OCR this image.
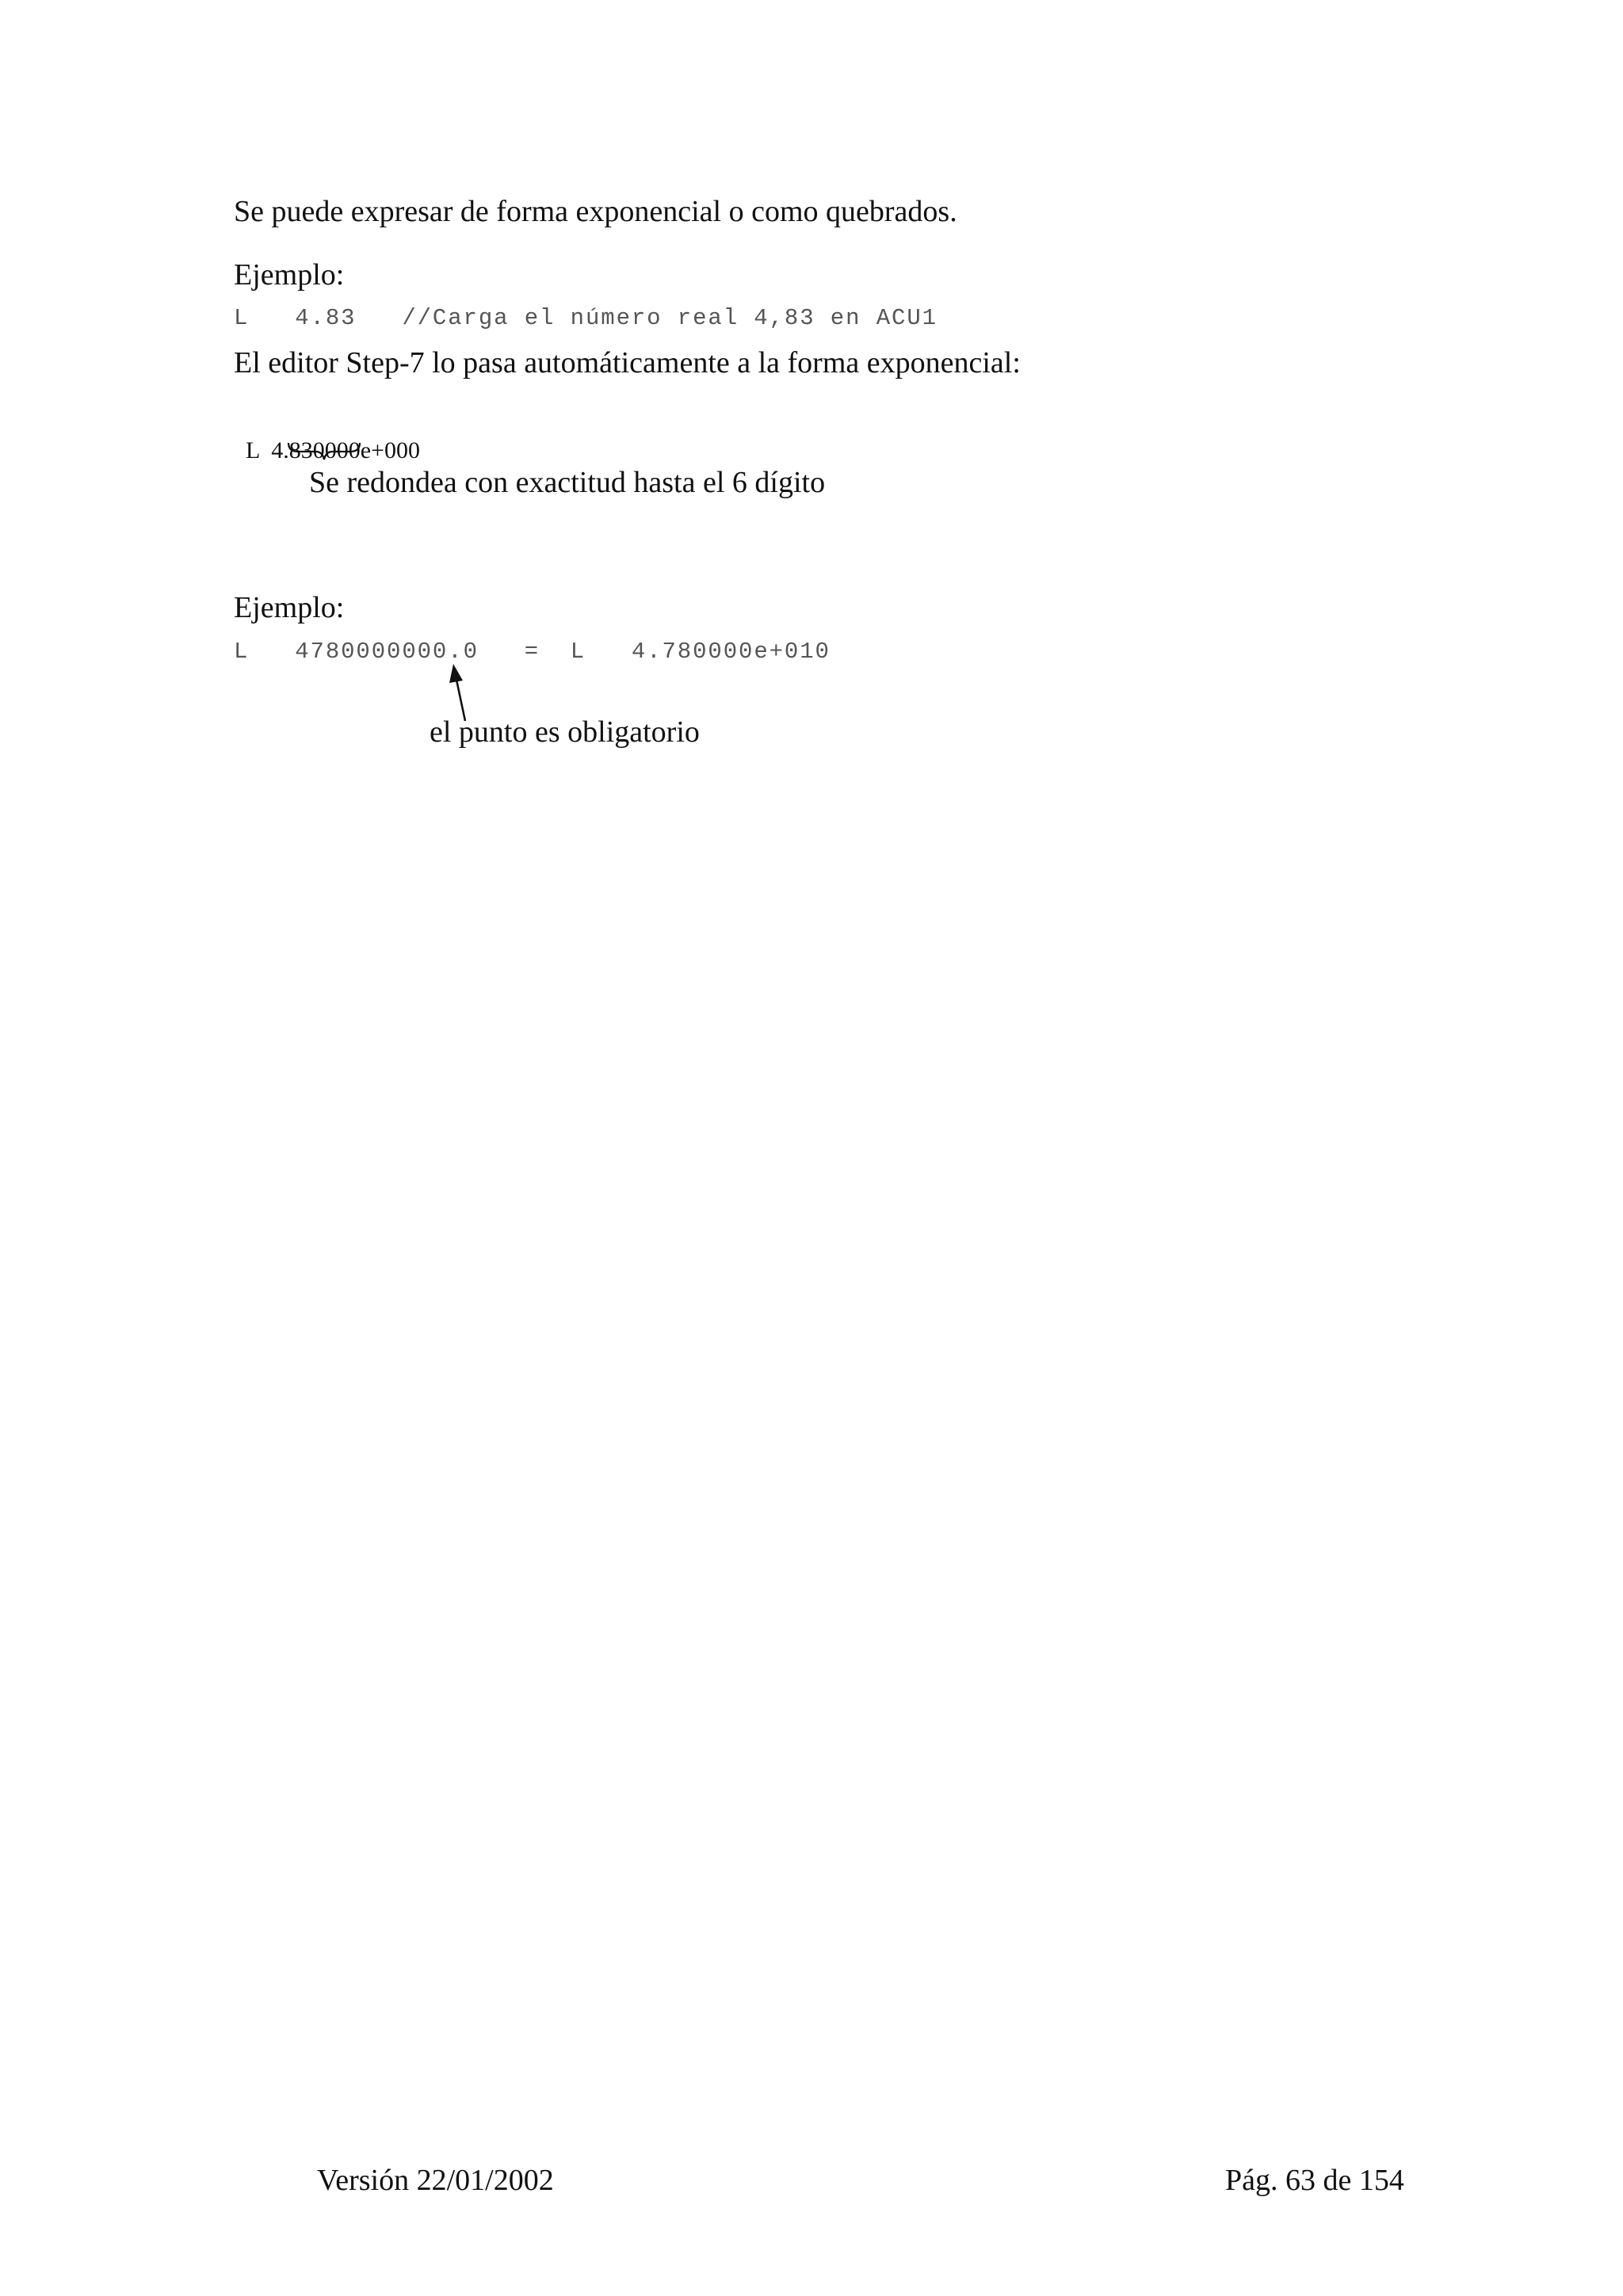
Se puede expresar de forma exponencial o como quebrados.
Ejemplo:
L   4.83   //Carga el número real 4,83 en ACU1
El editor Step-7 lo pasa automáticamente a la forma exponencial:

L 4.830000e+000

Se redondea con exactitud hasta el 6 dígito
Ejemplo:
L   4780000000.0   =  L   4.780000e+010
el punto es obligatorio
Versión 22/01/2002	Pág. 63 de 154
